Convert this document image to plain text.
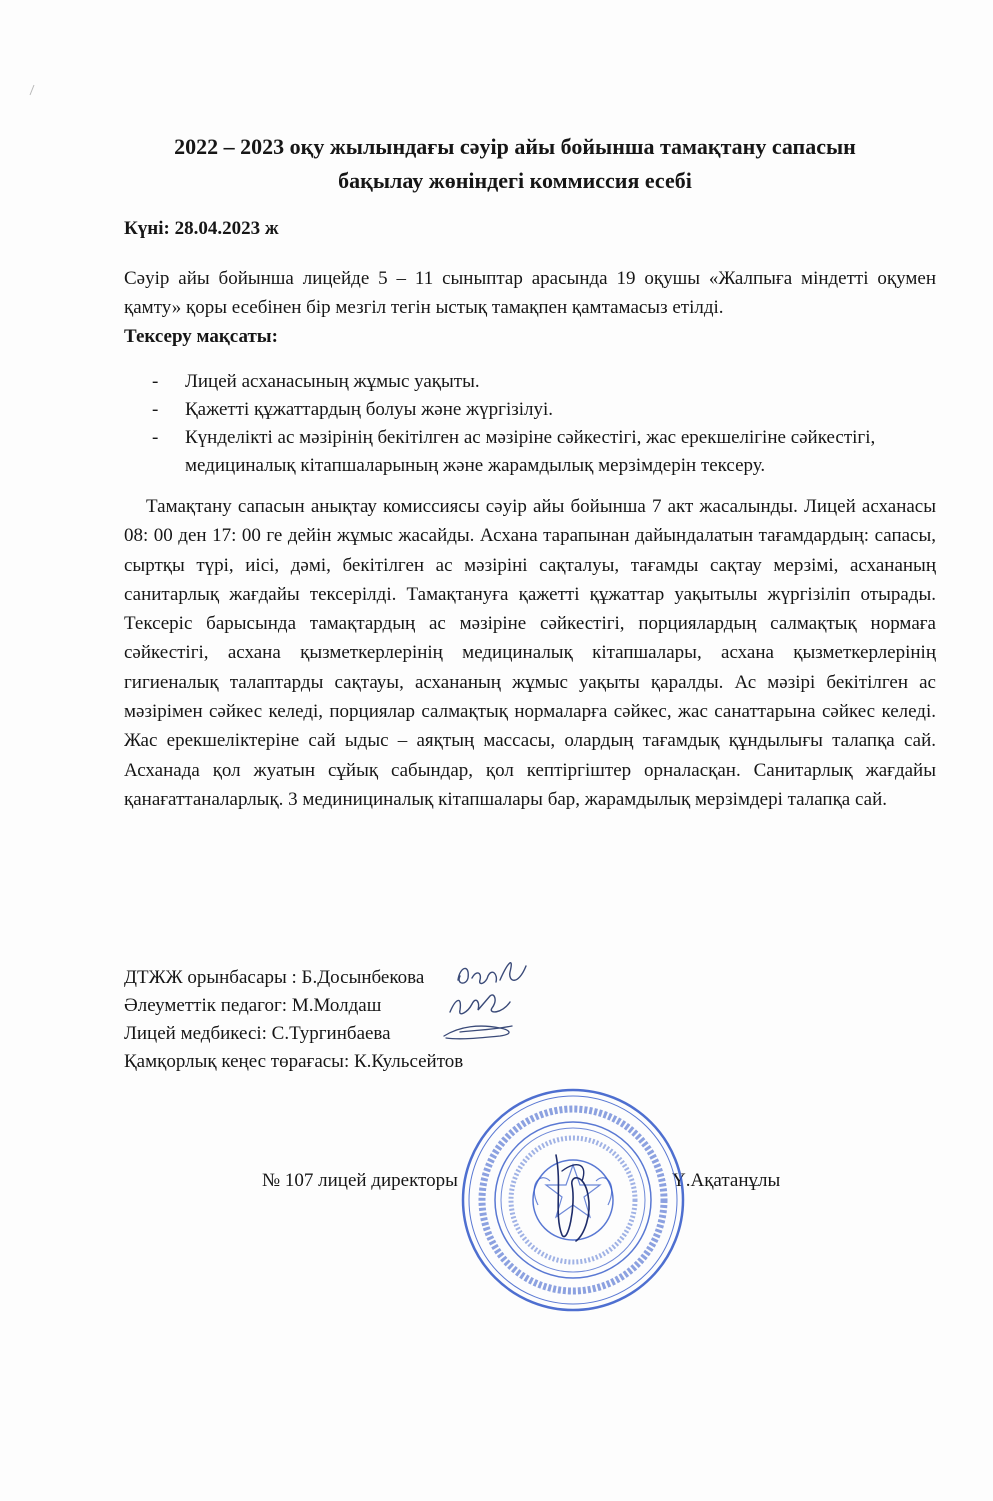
2022 – 2023 оқу жылындағы сәуір айы бойынша тамақтану сапасын
бақылау жөніндегі коммиссия есебі
Күні: 28.04.2023 ж

Сәуір айы бойынша лицейде 5 – 11 сыныптар арасында 19 оқушы «Жалпыға міндетті оқумен қамту» қоры есебінен бір мезгіл тегін ыстық тамақпен қамтамасыз етілді.

Тексеру мақсаты:
- Лицей асханасының жұмыс уақыты.
- Қажетті құжаттардың болуы және жүргізілуі.
- Күнделікті ас мәзірінің бекітілген ас мәзіріне сәйкестігі, жас ерекшелігіне сәйкестігі, медициналық кітапшаларының және жарамдылық мерзімдерін тексеру.

Тамақтану сапасын анықтау комиссиясы сәуір айы бойынша 7 акт жасалынды. Лицей асханасы 08: 00 ден 17: 00 ге дейін жұмыс жасайды. Асхана тарапынан дайындалатын тағамдардың: сапасы, сыртқы түрі, иісі, дәмі, бекітілген ас мәзіріні сақталуы, тағамды сақтау мерзімі, асхананың санитарлық жағдайы тексерілді. Тамақтануға қажетті құжаттар уақытылы жүргізіліп отырады. Тексеріс барысында тамақтардың ас мәзіріне сәйкестігі, порциялардың салмақтық нормаға сәйкестігі, асхана қызметкерлерінің медициналық кітапшалары, асхана қызметкерлерінің гигиеналық талаптарды сақтауы, асхананың жұмыс уақыты қаралды. Ас мәзірі бекітілген ас мәзірімен сәйкес келеді, порциялар салмақтық нормаларға сәйкес, жас санаттарына сәйкес келеді. Жас ерекшеліктеріне сай ыдыс – аяқтың массасы, олардың тағамдық құндылығы талапқа сай. Асханада қол жуатын сұйық сабындар, қол кептіргіштер орналасқан. Санитарлық жағдайы қанағаттаналарлық. 3 мединициналық кітапшалары бар, жарамдылық мерзімдері талапқа сай.

ДТЖЖ орынбасары : Б.Досынбекова
Әлеуметтік педагог: М.Молдаш
Лицей медбикесі: С.Тургинбаева
Қамқорлық кеңес төрағасы: К.Кульсейтов
№ 107 лицей директоры	Ү.Ақатанұлы
